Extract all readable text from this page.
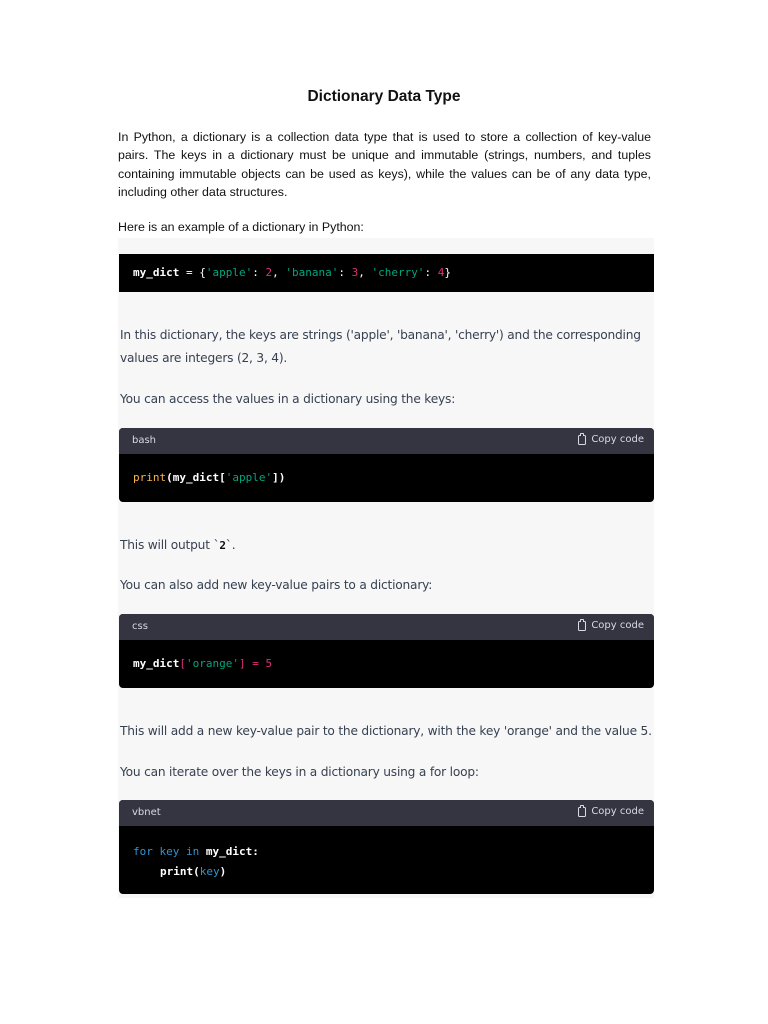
Dictionary Data Type

In Python, a dictionary is a collection data type that is used to store a collection of key-value pairs. The keys in a dictionary must be unique and immutable (strings, numbers, and tuples containing immutable objects can be used as keys), while the values can be of any data type, including other data structures.

Here is an example of a dictionary in Python:

my_dict = {'apple': 2, 'banana': 3, 'cherry': 4}

In this dictionary, the keys are strings ('apple', 'banana', 'cherry') and the corresponding

values are integers (2, 3, 4).

You can access the values in a dictionary using the keys:

bash	Copy code
print(my_dict['apple'])

This will output `2`.

You can also add new key-value pairs to a dictionary:

css	Copy code
my_dict['orange'] = 5

This will add a new key-value pair to the dictionary, with the key 'orange' and the value 5.

You can iterate over the keys in a dictionary using a for loop:

vbnet	Copy code
for key in my_dict:
print(key)
